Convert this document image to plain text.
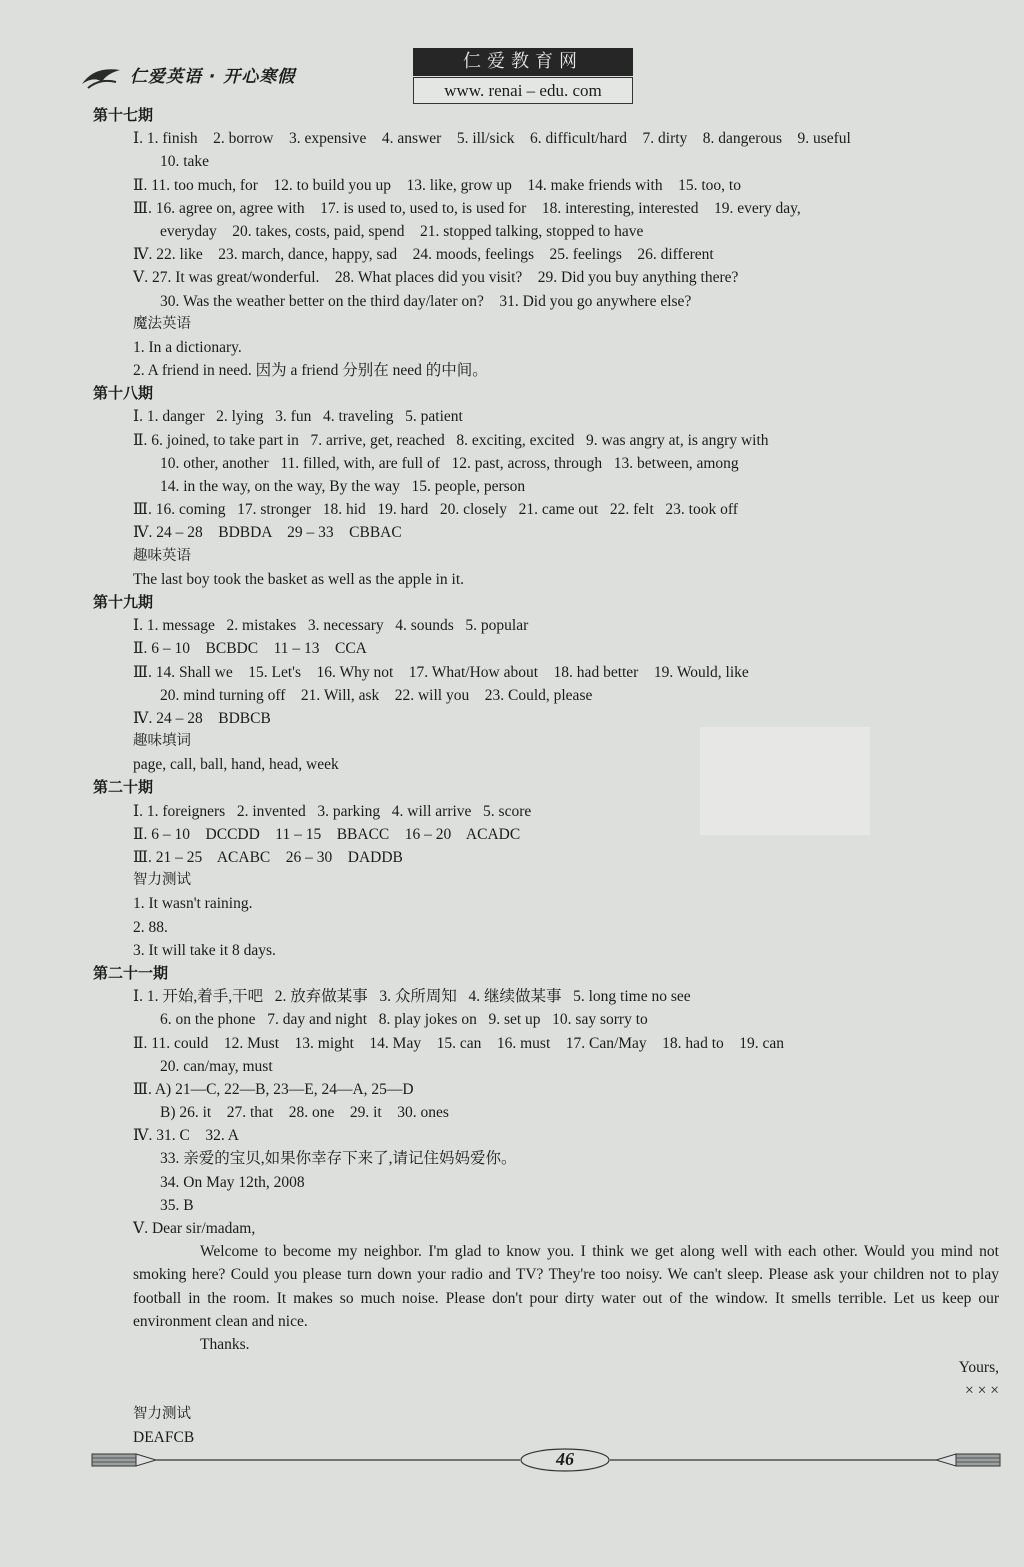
仁爱英语 · 开心寒假
仁爱教育网
www. renai – edu. com
第十七期
Ⅰ. 1. finish    2. borrow    3. expensive    4. answer    5. ill/sick    6. difficult/hard    7. dirty    8. dangerous    9. useful
10. take
Ⅱ. 11. too much, for    12. to build you up    13. like, grow up    14. make friends with    15. too, to
Ⅲ. 16. agree on, agree with    17. is used to, used to, is used for    18. interesting, interested    19. every day,
everyday    20. takes, costs, paid, spend    21. stopped talking, stopped to have
Ⅳ. 22. like    23. march, dance, happy, sad    24. moods, feelings    25. feelings    26. different
Ⅴ. 27. It was great/wonderful.    28. What places did you visit?    29. Did you buy anything there?
30. Was the weather better on the third day/later on?    31. Did you go anywhere else?
魔法英语
1. In a dictionary.
2. A friend in need. 因为 a friend 分别在 need 的中间。
第十八期
Ⅰ. 1. danger   2. lying   3. fun   4. traveling   5. patient
Ⅱ. 6. joined, to take part in   7. arrive, get, reached   8. exciting, excited   9. was angry at, is angry with
10. other, another   11. filled, with, are full of   12. past, across, through   13. between, among
14. in the way, on the way, By the way   15. people, person
Ⅲ. 16. coming   17. stronger   18. hid   19. hard   20. closely   21. came out   22. felt   23. took off
Ⅳ. 24 – 28    BDBDA    29 – 33    CBBAC
趣味英语
The last boy took the basket as well as the apple in it.
第十九期
Ⅰ. 1. message   2. mistakes   3. necessary   4. sounds   5. popular
Ⅱ. 6 – 10    BCBDC    11 – 13    CCA
Ⅲ. 14. Shall we    15. Let's    16. Why not    17. What/How about    18. had better    19. Would, like
20. mind turning off    21. Will, ask    22. will you    23. Could, please
Ⅳ. 24 – 28    BDBCB
趣味填词
page, call, ball, hand, head, week
第二十期
Ⅰ. 1. foreigners   2. invented   3. parking   4. will arrive   5. score
Ⅱ. 6 – 10    DCCDD    11 – 15    BBACC    16 – 20    ACADC
Ⅲ. 21 – 25    ACABC    26 – 30    DADDB
智力测试
1. It wasn't raining.
2. 88.
3. It will take it 8 days.
第二十一期
Ⅰ. 1. 开始,着手,干吧   2. 放弃做某事   3. 众所周知   4. 继续做某事   5. long time no see
6. on the phone   7. day and night   8. play jokes on   9. set up   10. say sorry to
Ⅱ. 11. could    12. Must    13. might    14. May    15. can    16. must    17. Can/May    18. had to    19. can
20. can/may, must
Ⅲ. A) 21—C, 22—B, 23—E, 24—A, 25—D
B) 26. it    27. that    28. one    29. it    30. ones
Ⅳ. 31. C    32. A
33. 亲爱的宝贝,如果你幸存下来了,请记住妈妈爱你。
34. On May 12th, 2008
35. B
Ⅴ. Dear sir/madam,

Welcome to become my neighbor. I'm glad to know you. I think we get along well with each other. Would you mind not smoking here? Could you please turn down your radio and TV? They're too noisy. We can't sleep. Please ask your children not to play football in the room. It makes so much noise. Please don't pour dirty water out of the window. It smells terrible. Let us keep our environment clean and nice.

Thanks.

Yours,
× × ×
智力测试
DEAFCB
46
